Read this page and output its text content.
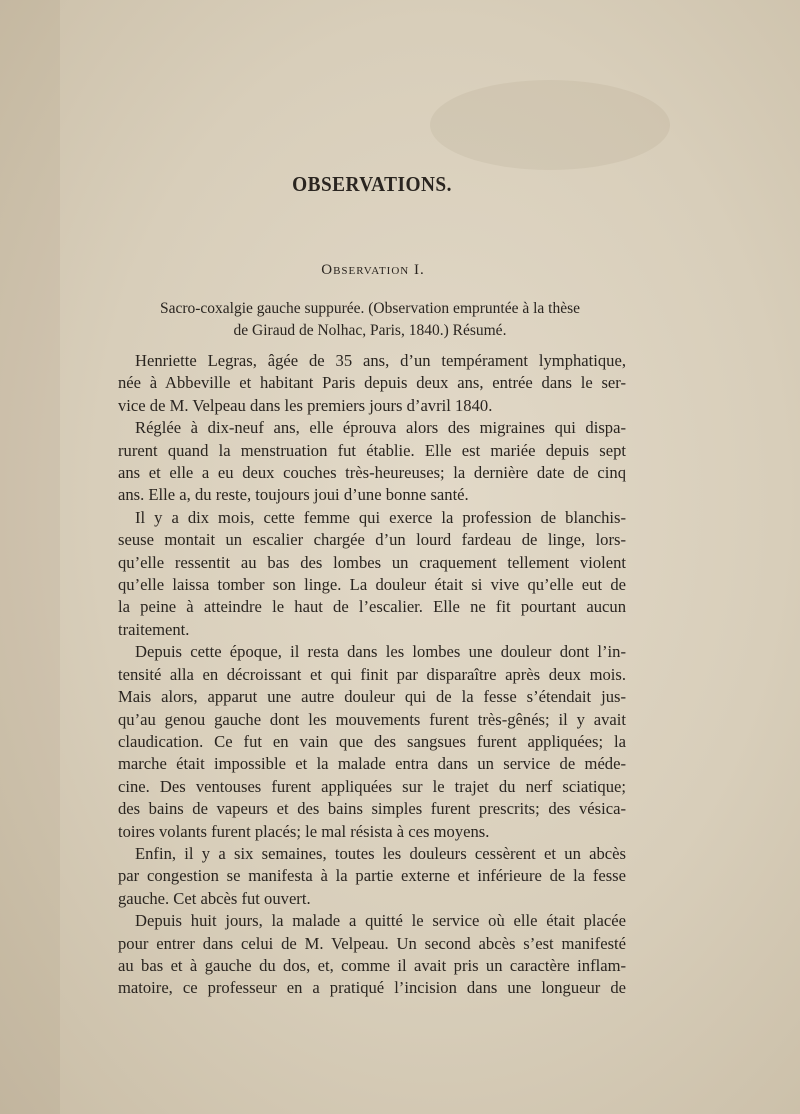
OBSERVATIONS.
Observation I.
Sacro-coxalgie gauche suppurée. (Observation empruntée à la thèse
de Giraud de Nolhac, Paris, 1840.) Résumé.

Henriette Legras, âgée de 35 ans, d’un tempérament lymphatique,
née à Abbeville et habitant Paris depuis deux ans, entrée dans le ser-
vice de M. Velpeau dans les premiers jours d’avril 1840.

Réglée à dix-neuf ans, elle éprouva alors des migraines qui dispa-
rurent quand la menstruation fut établie. Elle est mariée depuis sept
ans et elle a eu deux couches très-heureuses; la dernière date de cinq
ans. Elle a, du reste, toujours joui d’une bonne santé.

Il y a dix mois, cette femme qui exerce la profession de blanchis-
seuse montait un escalier chargée d’un lourd fardeau de linge, lors-
qu’elle ressentit au bas des lombes un craquement tellement violent
qu’elle laissa tomber son linge. La douleur était si vive qu’elle eut de
la peine à atteindre le haut de l’escalier. Elle ne fit pourtant aucun
traitement.

Depuis cette époque, il resta dans les lombes une douleur dont l’in-
tensité alla en décroissant et qui finit par disparaître après deux mois.
Mais alors, apparut une autre douleur qui de la fesse s’étendait jus-
qu’au genou gauche dont les mouvements furent très-gênés; il y avait
claudication. Ce fut en vain que des sangsues furent appliquées; la
marche était impossible et la malade entra dans un service de méde-
cine. Des ventouses furent appliquées sur le trajet du nerf sciatique;
des bains de vapeurs et des bains simples furent prescrits; des vésica-
toires volants furent placés; le mal résista à ces moyens.

Enfin, il y a six semaines, toutes les douleurs cessèrent et un abcès
par congestion se manifesta à la partie externe et inférieure de la fesse
gauche. Cet abcès fut ouvert.

Depuis huit jours, la malade a quitté le service où elle était placée
pour entrer dans celui de M. Velpeau. Un second abcès s’est manifesté
au bas et à gauche du dos, et, comme il avait pris un caractère inflam-
matoire, ce professeur en a pratiqué l’incision dans une longueur de
